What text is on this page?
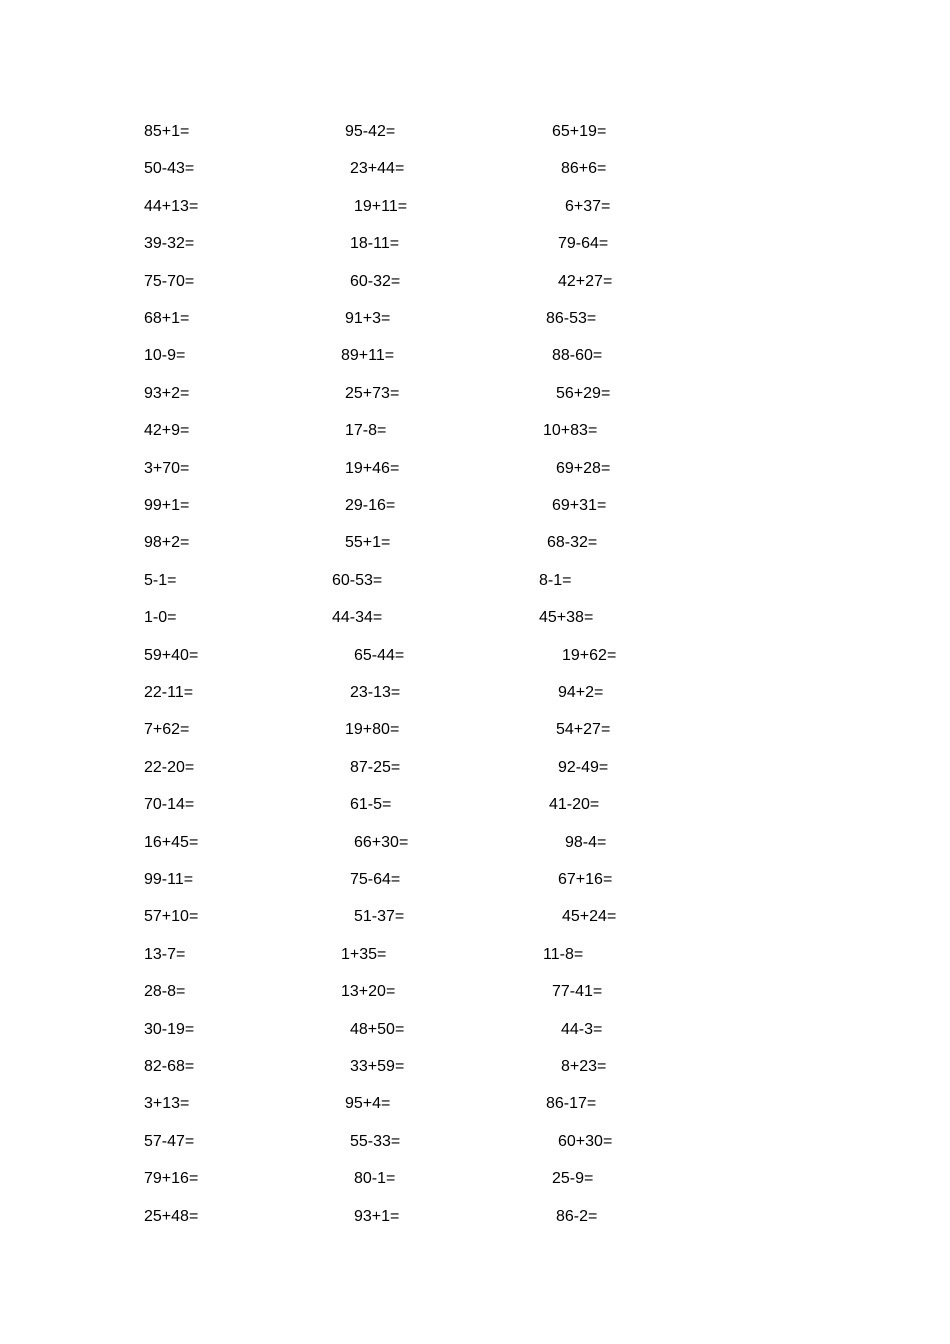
85+1=	95-42=	65+19=
50-43=	23+44=	86+6=
44+13=	19+11=	6+37=
39-32=	18-11=	79-64=
75-70=	60-32=	42+27=
68+1=	91+3=	86-53=
10-9=	89+11=	88-60=
93+2=	25+73=	56+29=
42+9=	17-8=	10+83=
3+70=	19+46=	69+28=
99+1=	29-16=	69+31=
98+2=	55+1=	68-32=
5-1=	60-53=	8-1=
1-0=	44-34=	45+38=
59+40=	65-44=	19+62=
22-11=	23-13=	94+2=
7+62=	19+80=	54+27=
22-20=	87-25=	92-49=
70-14=	61-5=	41-20=
16+45=	66+30=	98-4=
99-11=	75-64=	67+16=
57+10=	51-37=	45+24=
13-7=	1+35=	11-8=
28-8=	13+20=	77-41=
30-19=	48+50=	44-3=
82-68=	33+59=	8+23=
3+13=	95+4=	86-17=
57-47=	55-33=	60+30=
79+16=	80-1=	25-9=
25+48=	93+1=	86-2=
